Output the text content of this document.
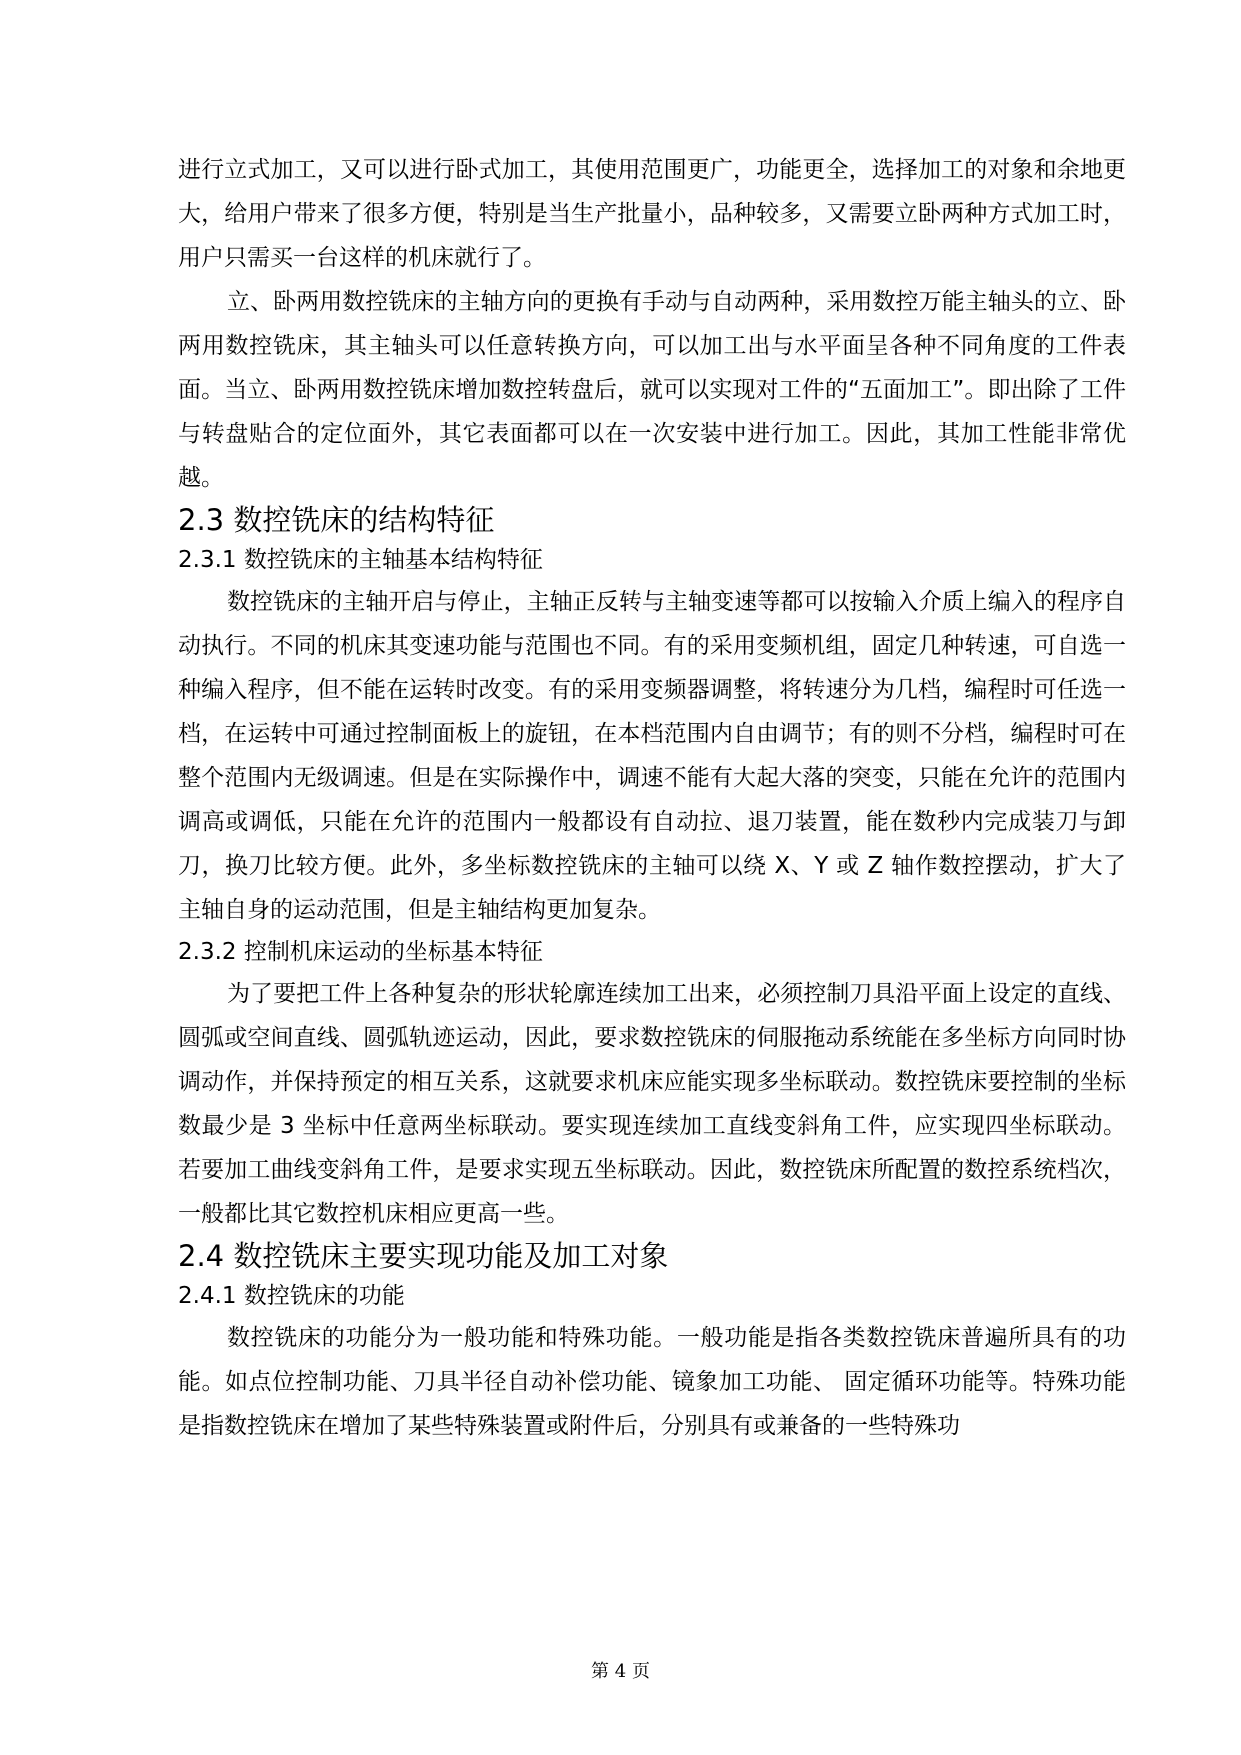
进行立式加工，又可以进行卧式加工，其使用范围更广，功能更全，选择加工的对象和余地更大，给用户带来了很多方便，特别是当生产批量小，品种较多，又需要立卧两种方式加工时，用户只需买一台这样的机床就行了。

立、卧两用数控铣床的主轴方向的更换有手动与自动两种，采用数控万能主轴头的立、卧两用数控铣床，其主轴头可以任意转换方向，可以加工出与水平面呈各种不同角度的工件表面。当立、卧两用数控铣床增加数控转盘后，就可以实现对工件的“五面加工”。即出除了工件与转盘贴合的定位面外，其它表面都可以在一次安装中进行加工。因此，其加工性能非常优越。

2.3 数控铣床的结构特征
2.3.1 数控铣床的主轴基本结构特征

数控铣床的主轴开启与停止，主轴正反转与主轴变速等都可以按输入介质上编入的程序自动执行。不同的机床其变速功能与范围也不同。有的采用变频机组，固定几种转速，可自选一种编入程序，但不能在运转时改变。有的采用变频器调整，将转速分为几档，编程时可任选一档，在运转中可通过控制面板上的旋钮，在本档范围内自由调节；有的则不分档，编程时可在整个范围内无级调速。但是在实际操作中，调速不能有大起大落的突变，只能在允许的范围内调高或调低，只能在允许的范围内一般都设有自动拉、退刀装置，能在数秒内完成装刀与卸刀，换刀比较方便。此外，多坐标数控铣床的主轴可以绕 X、Y 或 Z 轴作数控摆动，扩大了主轴自身的运动范围，但是主轴结构更加复杂。

2.3.2 控制机床运动的坐标基本特征

为了要把工件上各种复杂的形状轮廓连续加工出来，必须控制刀具沿平面上设定的直线、圆弧或空间直线、圆弧轨迹运动，因此，要求数控铣床的伺服拖动系统能在多坐标方向同时协调动作，并保持预定的相互关系，这就要求机床应能实现多坐标联动。数控铣床要控制的坐标数最少是 3 坐标中任意两坐标联动。要实现连续加工直线变斜角工件，应实现四坐标联动。若要加工曲线变斜角工件，是要求实现五坐标联动。因此，数控铣床所配置的数控系统档次，一般都比其它数控机床相应更高一些。

2.4 数控铣床主要实现功能及加工对象
2.4.1 数控铣床的功能

数控铣床的功能分为一般功能和特殊功能。一般功能是指各类数控铣床普遍所具有的功能。如点位控制功能、刀具半径自动补偿功能、镜象加工功能、 固定循环功能等。特殊功能是指数控铣床在增加了某些特殊装置或附件后，分别具有或兼备的一些特殊功

第 4 页
